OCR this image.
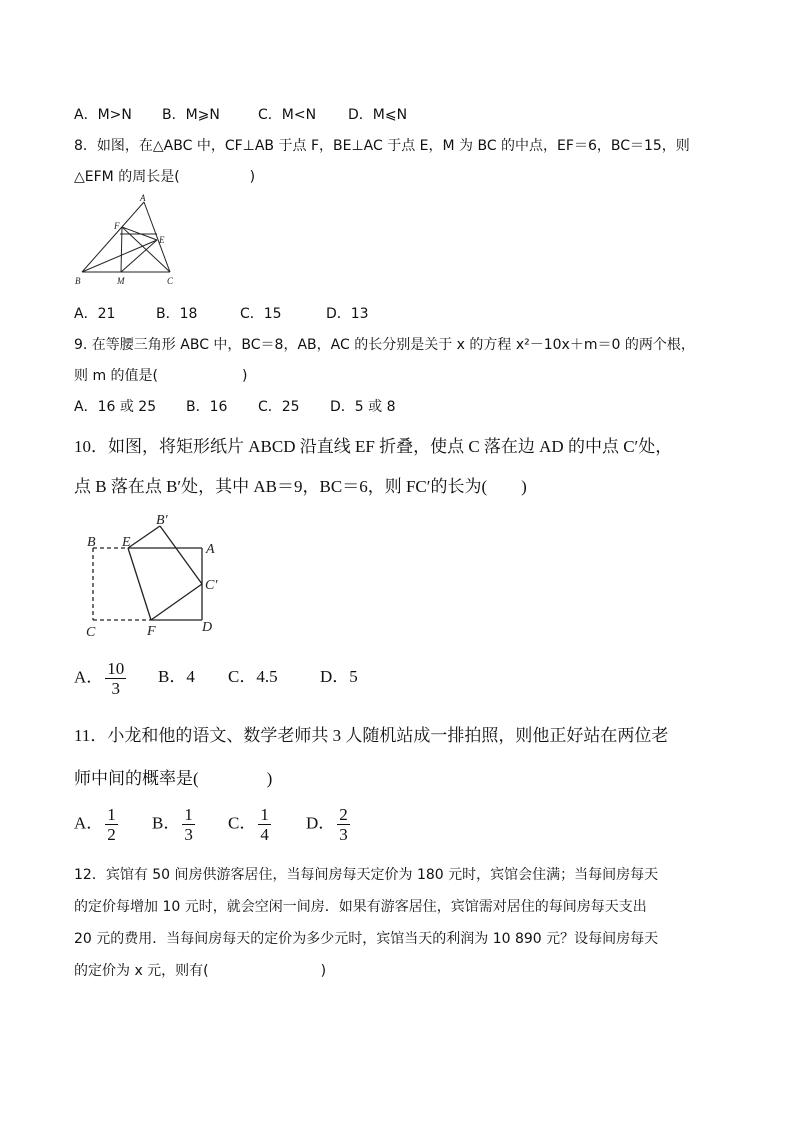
A．M>N B．M⩾N	C．M<N D．M⩽N
8．如图，在△ABC 中，CF⊥AB 于点 F，BE⊥AC 于点 E，M 为 BC 的中点，EF＝6，BC＝15，则
△EFM 的周长是(　　　　　)
A
F
E
B	M	C
A．21	B．18	C．15	D．13
9. 在等腰三角形 ABC 中，BC＝8，AB，AC 的长分别是关于 x 的方程 x²－10x＋m＝0 的两个根，
则 m 的值是(　　　　　　)
A．16 或 25 B．16 C．25 D．5 或 8
10．如图，将矩形纸片 ABCD 沿直线 EF 折叠，使点 C 落在边 AD 的中点 C′处，
点 B 落在点 B′处，其中 AB＝9，BC＝6，则 FC′的长为(　　)
B′
B E	A
C′
C	F	D
A． $\frac{10}{3}$ B．4 C．4.5 D．5
11．小龙和他的语文、数学老师共 3 人随机站成一排拍照，则他正好站在两位老
师中间的概率是(　　　　)
A． $\frac{1}{2}$ B． $\frac{1}{3}$ C． $\frac{1}{4}$ D． $\frac{2}{3}$
12．宾馆有 50 间房供游客居住，当每间房每天定价为 180 元时，宾馆会住满；当每间房每天
的定价每增加 10 元时，就会空闲一间房．如果有游客居住，宾馆需对居住的每间房每天支出
20 元的费用．当每间房每天的定价为多少元时，宾馆当天的利润为 10 890 元？设每间房每天
的定价为 x 元，则有(　　　　　　　　)
